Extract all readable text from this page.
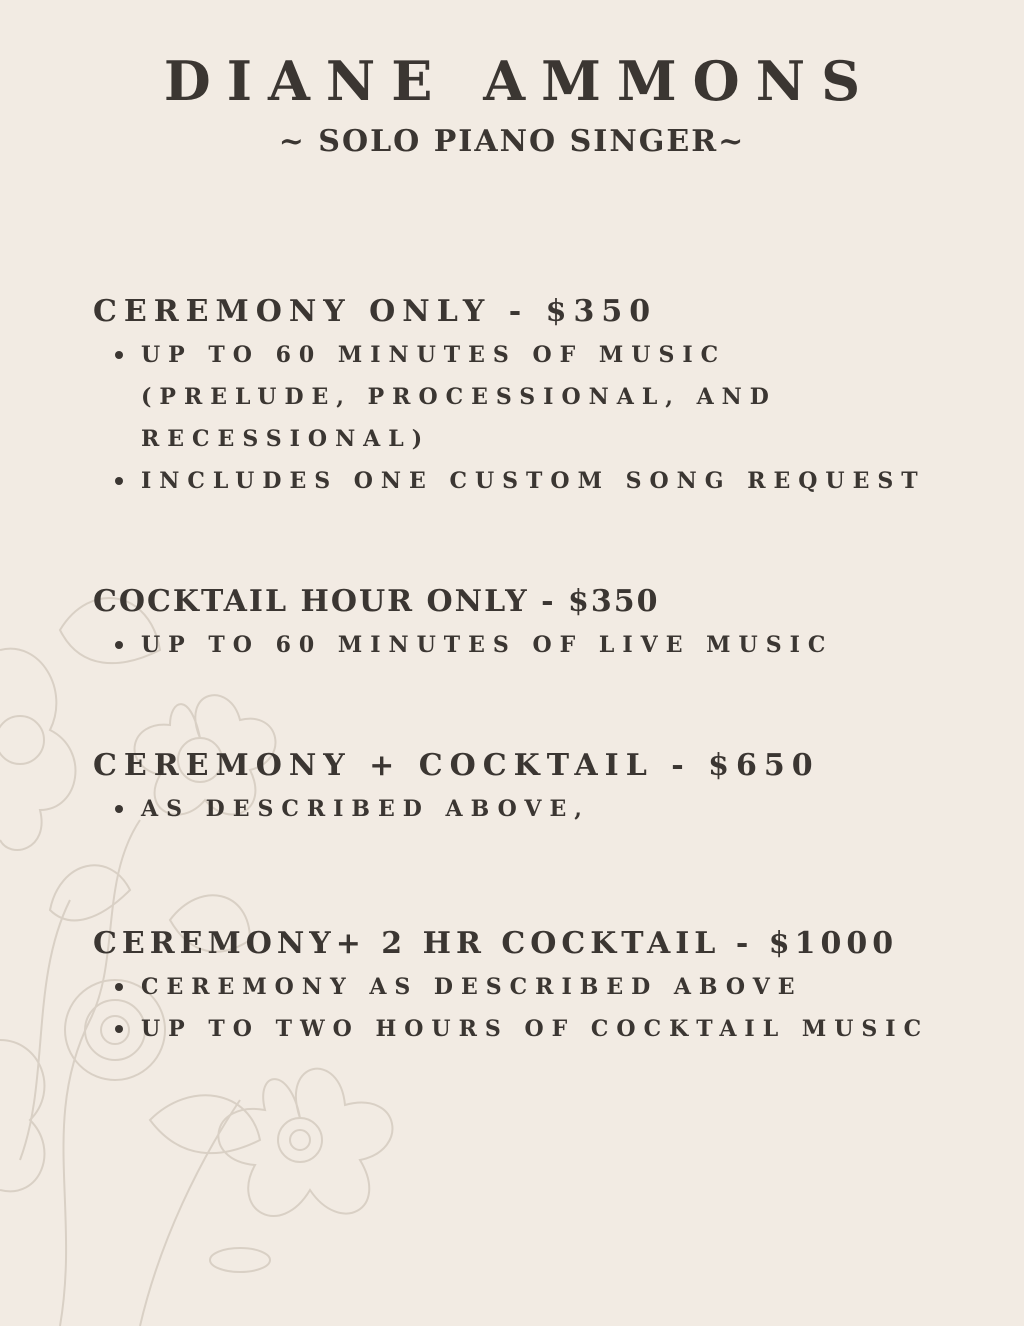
DIANE AMMONS
~ SOLO PIANO SINGER~
CEREMONY ONLY - $350
UP TO 60 MINUTES OF MUSIC
(PRELUDE, PROCESSIONAL, AND
RECESSIONAL)
INCLUDES ONE CUSTOM SONG REQUEST
COCKTAIL HOUR ONLY - $350
UP TO 60 MINUTES OF LIVE MUSIC
CEREMONY + COCKTAIL - $650
AS DESCRIBED ABOVE,
CEREMONY+ 2 HR COCKTAIL - $1000
CEREMONY AS DESCRIBED ABOVE
UP TO TWO HOURS OF COCKTAIL MUSIC
